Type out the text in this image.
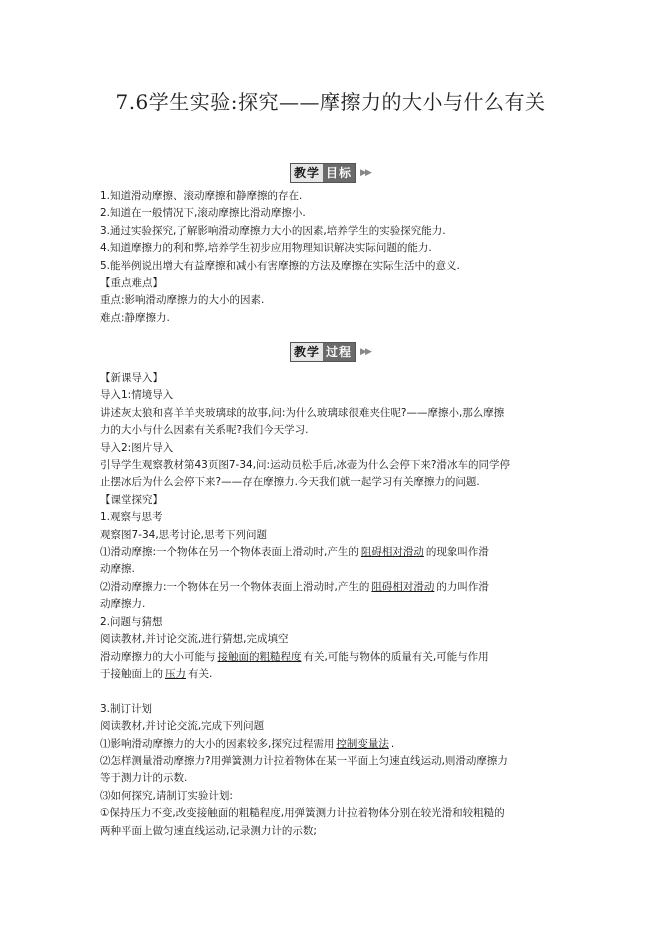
7.6学生实验:探究——摩擦力的大小与什么有关
教学 目标 ▶▶
教学 过程 ▶▶
1.知道滑动摩擦、滚动摩擦和静摩擦的存在.
2.知道在一般情况下,滚动摩擦比滑动摩擦小.
3.通过实验探究,了解影响滑动摩擦力大小的因素,培养学生的实验探究能力.
4.知道摩擦力的利和弊,培养学生初步应用物理知识解决实际问题的能力.
5.能举例说出增大有益摩擦和减小有害摩擦的方法及摩擦在实际生活中的意义.
【重点难点】
重点:影响滑动摩擦力的大小的因素.
难点:静摩擦力.
【新课导入】
导入1:情境导入
讲述灰太狼和喜羊羊夹玻璃球的故事,问:为什么玻璃球很难夹住呢?——摩擦小,那么摩擦
力的大小与什么因素有关系呢?我们今天学习.
导入2:图片导入
引导学生观察教材第43页图7-34,问:运动员松手后,冰壶为什么会停下来?滑冰车的同学停
止摆冰后为什么会停下来?——存在摩擦力.今天我们就一起学习有关摩擦力的问题.
【课堂探究】
1.观察与思考
观察图7-34,思考讨论,思考下列问题
⑴滑动摩擦:一个物体在另一个物体表面上滑动时,产生的 阻碍相对滑动 的现象叫作滑
动摩擦.
⑵滑动摩擦力:一个物体在另一个物体表面上滑动时,产生的 阻碍相对滑动 的力叫作滑
动摩擦力.
2.问题与猜想
阅读教材,并讨论交流,进行猜想,完成填空
滑动摩擦力的大小可能与 接触面的粗糙程度 有关,可能与物体的质量有关,可能与作用
于接触面上的 压力 有关.
3.制订计划
阅读教材,并讨论交流,完成下列问题
⑴影响滑动摩擦力的大小的因素较多,探究过程需用 控制变量法 .
⑵怎样测量滑动摩擦力?用弹簧测力计拉着物体在某一平面上匀速直线运动,则滑动摩擦力
等于测力计的示数.
⑶如何探究,请制订实验计划:
①保持压力不变,改变接触面的粗糙程度,用弹簧测力计拉着物体分别在较光滑和较粗糙的
两种平面上做匀速直线运动,记录测力计的示数;
